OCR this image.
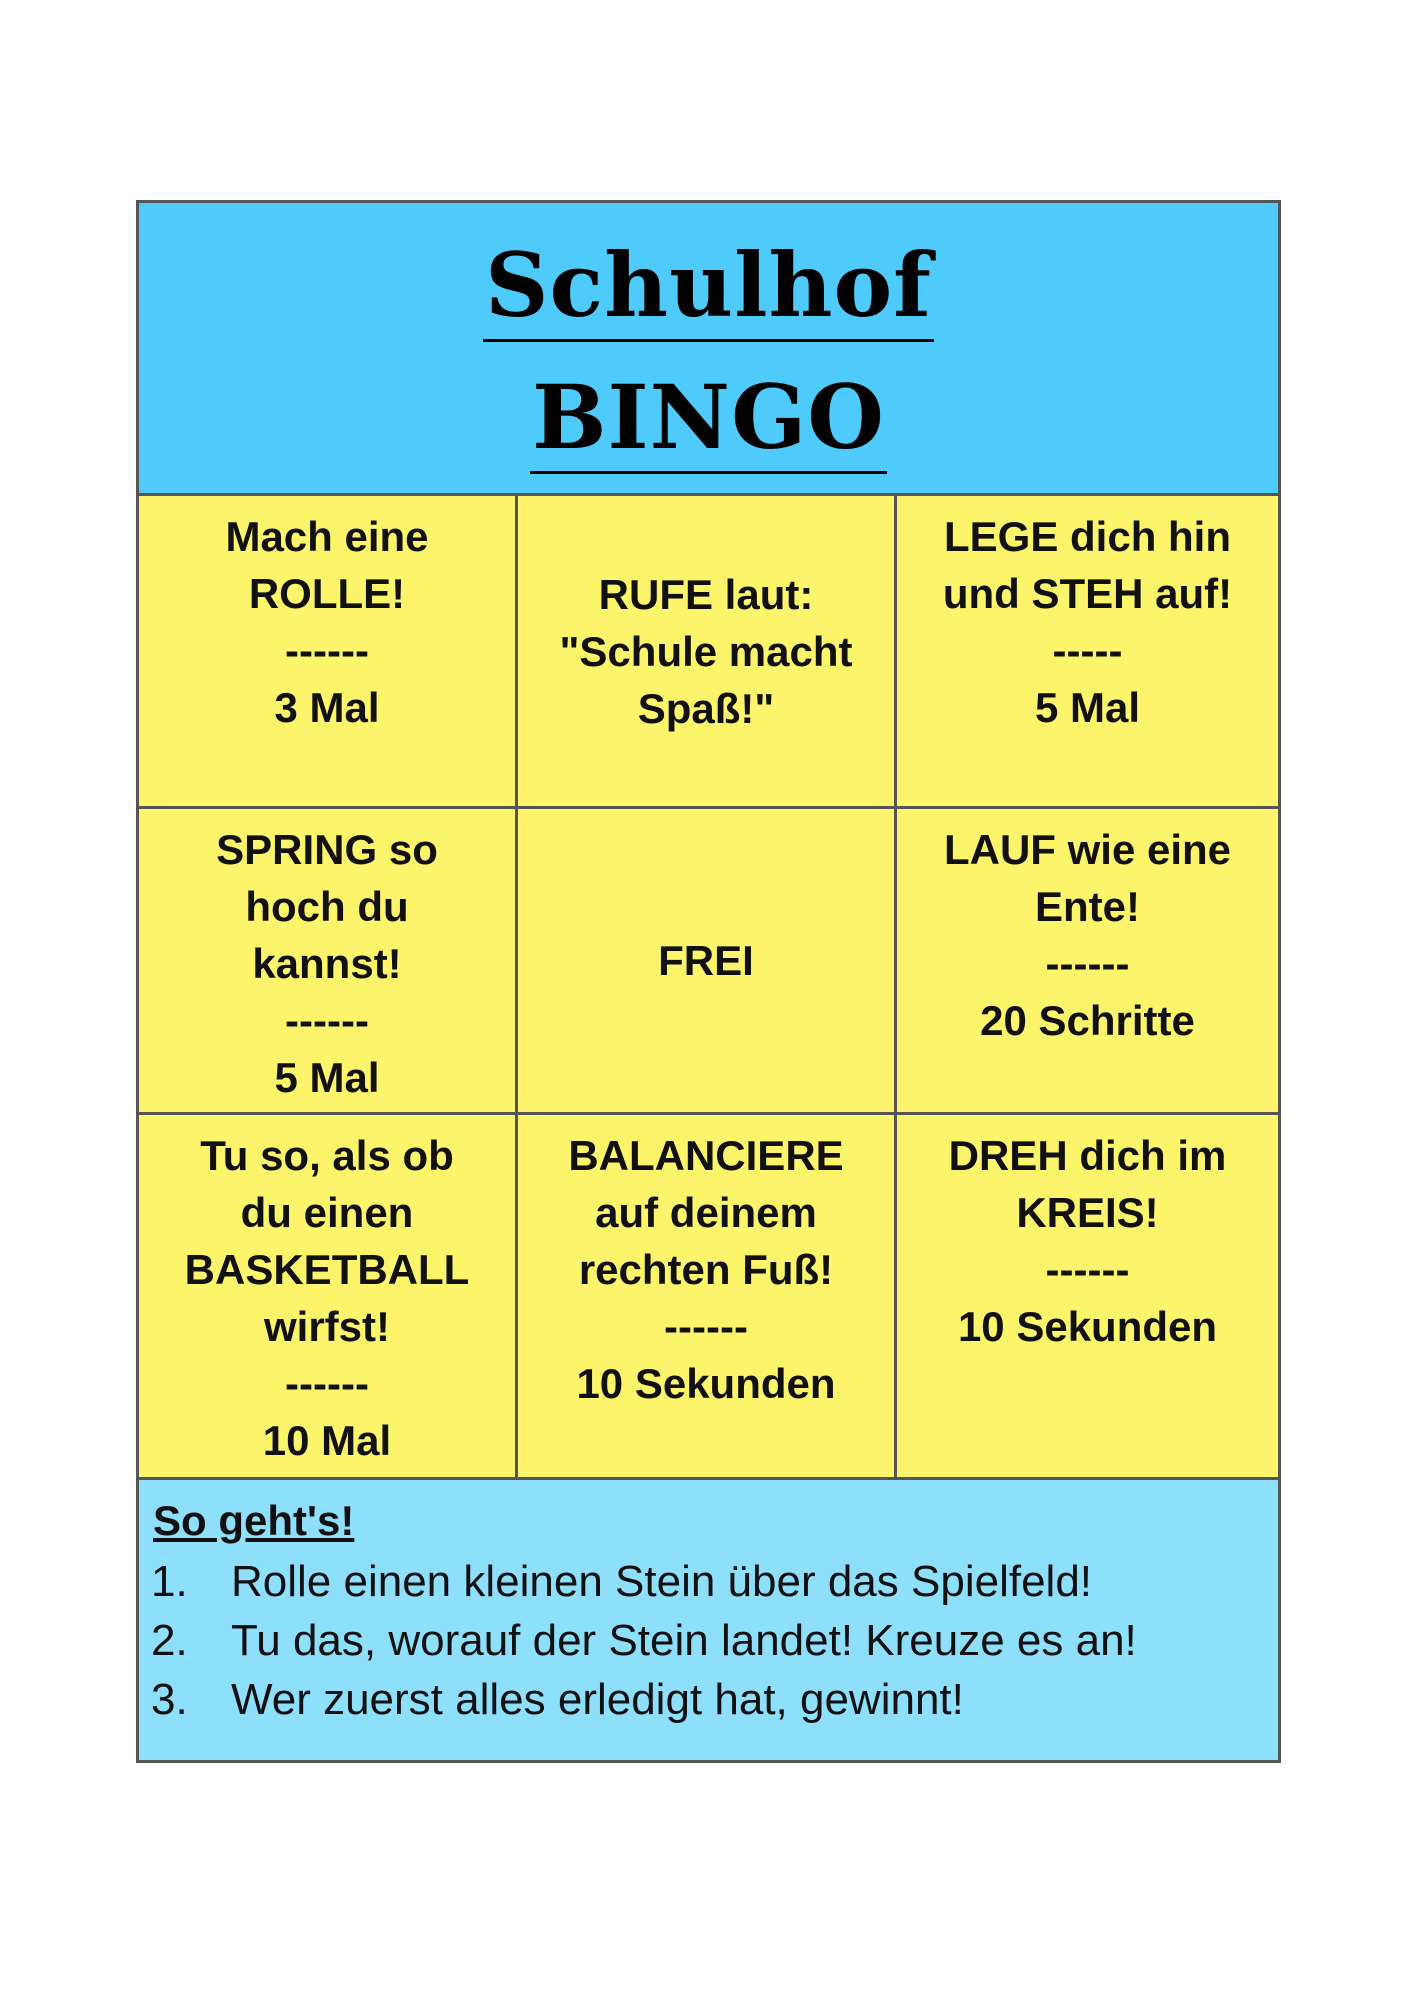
Schulhof
BINGO
Mach eine
ROLLE!
------
3 Mal
RUFE laut:
"Schule macht
Spaß!"
LEGE dich hin
und STEH auf!
-----
5 Mal
SPRING so
hoch du
kannst!
------
5 Mal
FREI
LAUF wie eine
Ente!
------
20 Schritte
Tu so, als ob
du einen
BASKETBALL
wirfst!
------
10 Mal
BALANCIERE
auf deinem
rechten Fuß!
------
10 Sekunden
DREH dich im
KREIS!
------
10 Sekunden
So geht's!
1. Rolle einen kleinen Stein über das Spielfeld!
2. Tu das, worauf der Stein landet! Kreuze es an!
3. Wer zuerst alles erledigt hat, gewinnt!
